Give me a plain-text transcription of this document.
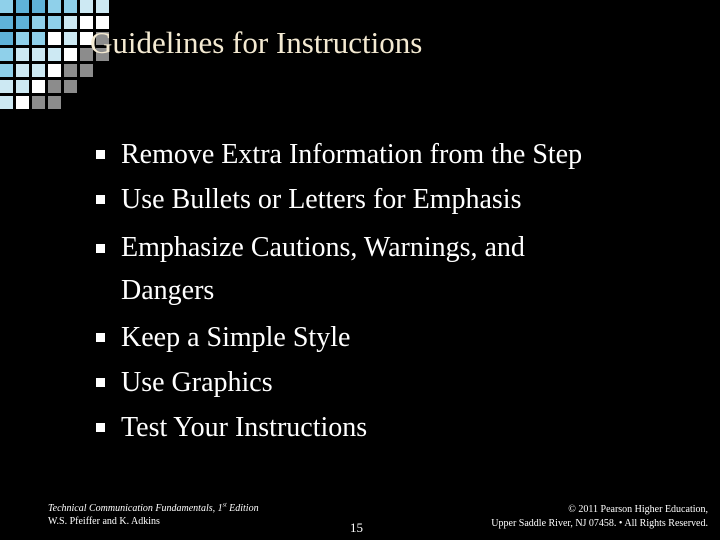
Guidelines for Instructions
Remove Extra Information from the Step
Use Bullets or Letters for Emphasis
Emphasize Cautions, Warnings, and Dangers
Keep a Simple Style
Use Graphics
Test Your Instructions
Technical Communication Fundamentals, 1st Edition
W.S. Pfeiffer and K. Adkins	15
© 2011 Pearson Higher Education,
Upper Saddle River, NJ 07458. • All Rights Reserved.
